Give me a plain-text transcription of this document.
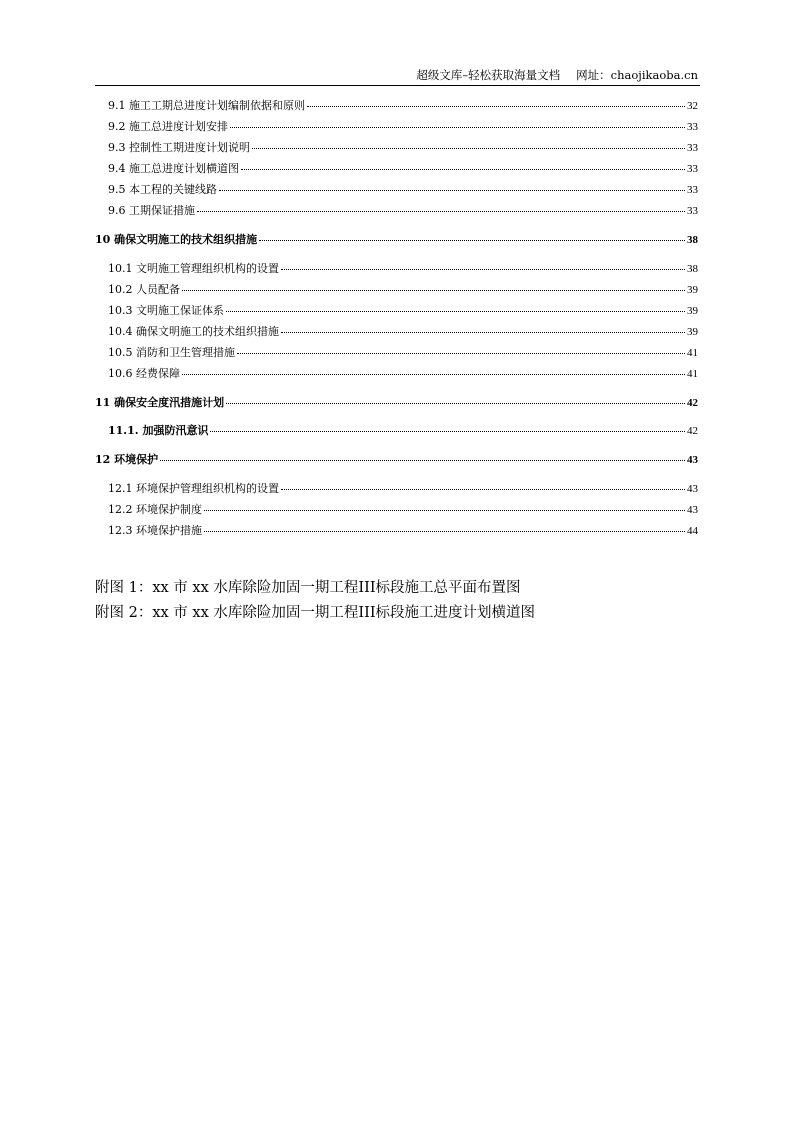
超级文库–轻松获取海量文档 网址：chaojikaoba.cn
9.1 施工工期总进度计划编制依据和原则	32
9.2 施工总进度计划安排	33
9.3 控制性工期进度计划说明	33
9.4 施工总进度计划横道图	33
9.5 本工程的关键线路	33
9.6 工期保证措施	33
10 确保文明施工的技术组织措施	38
10.1 文明施工管理组织机构的设置	38
10.2 人员配备	39
10.3 文明施工保证体系	39
10.4 确保文明施工的技术组织措施	39
10.5 消防和卫生管理措施	41
10.6 经费保障	41
11 确保安全度汛措施计划	42
11.1. 加强防汛意识	42
12 环境保护	43
12.1 环境保护管理组织机构的设置	43
12.2 环境保护制度	43
12.3 环境保护措施	44
附图 1：xx 市 xx 水库除险加固一期工程III标段施工总平面布置图
附图 2：xx 市 xx 水库除险加固一期工程III标段施工进度计划横道图
